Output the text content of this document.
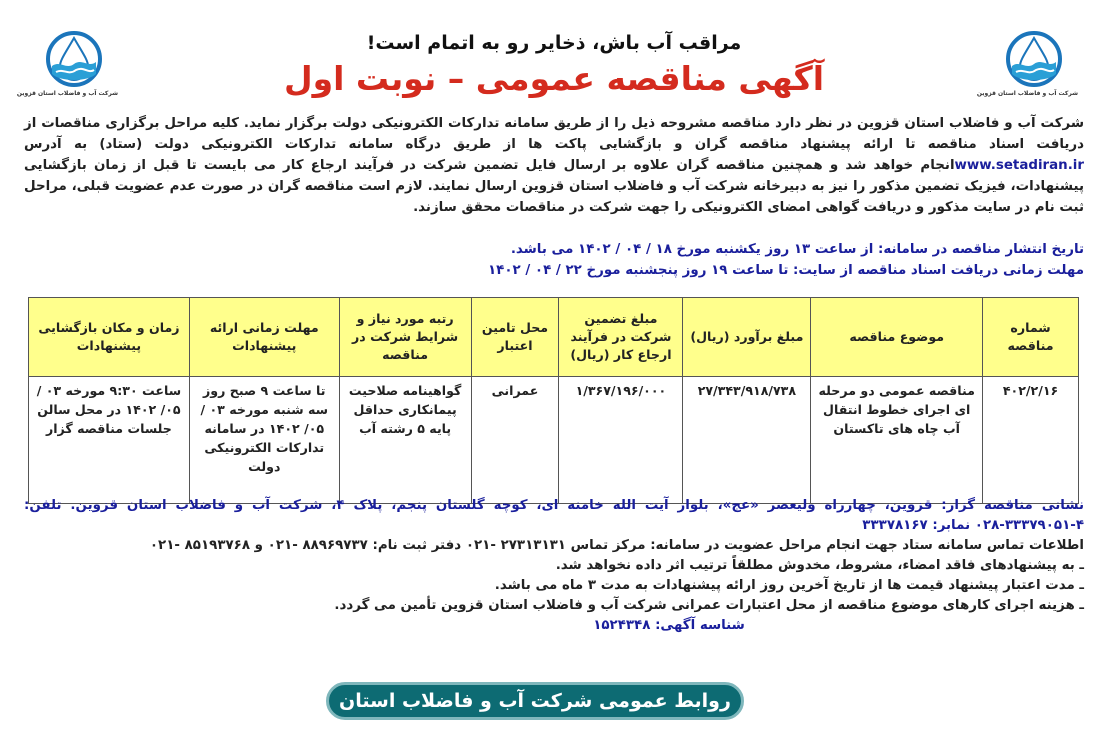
شرکت آب و فاضلاب استان قزوین
شرکت آب و فاضلاب استان قزوین
مراقب آب باش، ذخایر رو به اتمام است!
آگهی مناقصه عمومی – نوبت اول
شرکت آب و فاضلاب استان قزوین در نظر دارد مناقصه مشروحه ذیل را از طریق سامانه تدارکات الکترونیکی دولت برگزار نماید. کلیه مراحل برگزاری مناقصات از دریافت اسناد مناقصه تا ارائه پیشنهاد مناقصه گران و بازگشایی پاکت ها از طریق درگاه سامانه تدارکات الکترونیکی دولت (ستاد) به آدرس www.setadiran.irانجام خواهد شد و همچنین مناقصه گران علاوه بر ارسال فایل تضمین شرکت در فرآیند ارجاع کار می بایست تا قبل از زمان بازگشایی پیشنهادات، فیزیک تضمین مذکور را نیز به دبیرخانه شرکت آب و فاضلاب استان قزوین ارسال نمایند. لازم است مناقصه گران در صورت عدم عضویت قبلی، مراحل ثبت نام در سایت مذکور و دریافت گواهی امضای الکترونیکی را جهت شرکت در مناقصات محقق سازند.
تاریخ انتشار مناقصه در سامانه: از ساعت ۱۳ روز یکشنبه مورخ ۱۸ / ۰۴ / ۱۴۰۲ می باشد.
مهلت زمانی دریافت اسناد مناقصه از سایت: تا ساعت ۱۹ روز پنجشنبه مورخ ۲۲ / ۰۴ / ۱۴۰۲
شماره مناقصه	موضوع مناقصه	مبلغ برآورد (ریال)	مبلغ تضمین شرکت در فرآیند ارجاع کار (ریال)	محل تامین اعتبار	رتبه مورد نیاز و شرایط شرکت در مناقصه	مهلت زمانی ارائه پیشنهادات	زمان و مکان بازگشایی پیشنهادات
۴۰۲/۲/۱۶	مناقصه عمومی دو مرحله ای اجرای خطوط انتقال آب چاه های تاکستان	۲۷/۳۴۳/۹۱۸/۷۳۸	۱/۳۶۷/۱۹۶/۰۰۰	عمرانی	گواهینامه صلاحیت پیمانکاری حداقل پایه ۵ رشته آب	تا ساعت ۹ صبح روز سه شنبه مورخه ۰۳ /۰۵/ ۱۴۰۲ در سامانه تدارکات الکترونیکی دولت	ساعت ۹:۳۰ مورخه ۰۳ /۰۵/ ۱۴۰۲ در محل سالن جلسات مناقصه گزار
نشانی مناقصه گزار: قزوین، چهارراه ولیعصر «عج»، بلوار آیت الله خامنه ای، کوچه گلستان پنجم، پلاک ۴، شرکت آب و فاضلاب استان قزوین. تلفن: ۴-۳۳۳۷۹۰۵۱-۰۲۸ نمابر: ۳۳۳۷۸۱۶۷
اطلاعات تماس سامانه ستاد جهت انجام مراحل عضویت در سامانه: مرکز تماس ۲۷۳۱۳۱۳۱ -۰۲۱ دفتر ثبت نام: ۸۸۹۶۹۷۳۷ -۰۲۱ و ۸۵۱۹۳۷۶۸ -۰۲۱
ـ به پیشنهادهای فاقد امضاء، مشروط، مخدوش مطلقاً ترتیب اثر داده نخواهد شد.
ـ مدت اعتبار پیشنهاد قیمت ها از تاریخ آخرین روز ارائه پیشنهادات به مدت ۳ ماه می باشد.
ـ هزینه اجرای کارهای موضوع مناقصه از محل اعتبارات عمرانی شرکت آب و فاضلاب استان قزوین تأمین می گردد.
شناسه آگهی: ۱۵۲۴۳۴۸
روابط عمومی شرکت آب و فاضلاب استان قزوین
